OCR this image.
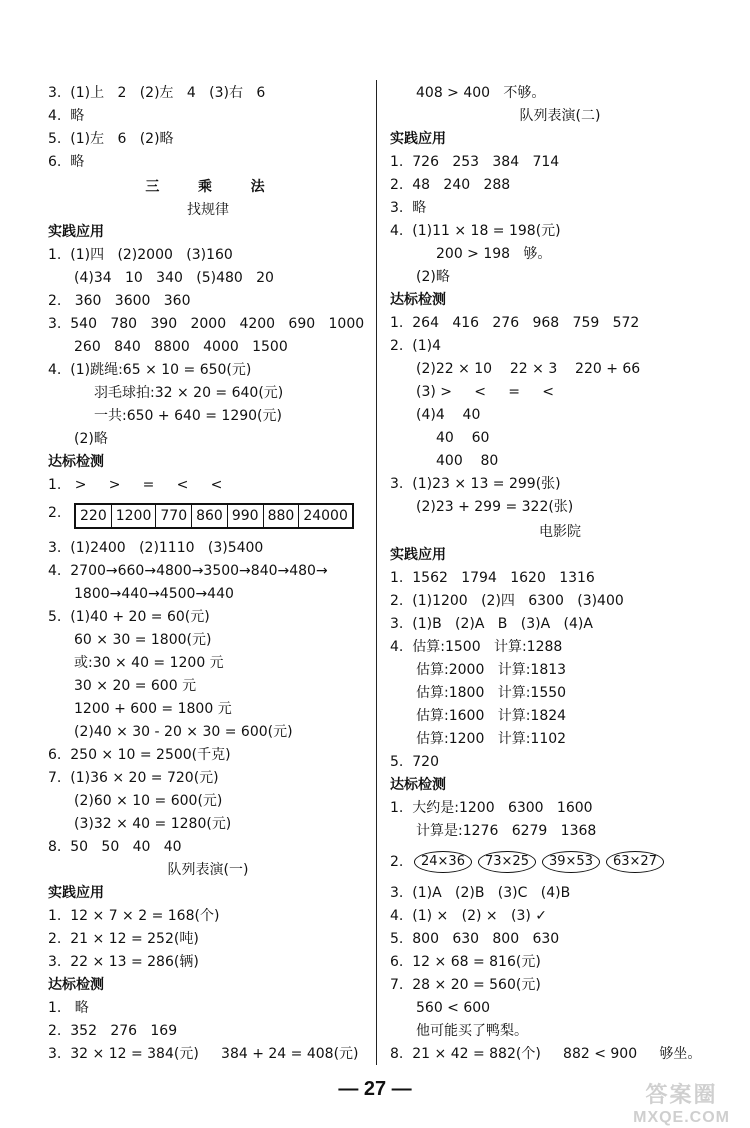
3.  (1)上   2   (2)左   4   (3)右   6
4.  略
5.  (1)左   6   (2)略
6.  略
三   乘   法
找规律
实践应用
1.  (1)四   (2)2000   (3)160
(4)34   10   340   (5)480   20
2.   360   3600   360
3.  540   780   390   2000   4200   690   1000
260   840   8800   4000   1500
4.  (1)跳绳:65 × 10 = 650(元)
羽毛球拍:32 × 20 = 640(元)
一共:650 + 640 = 1290(元)
(2)略
达标检测
1.   >     >     =     <     <
2. 220	1200	770	860	990	880	24000
3.  (1)2400   (2)1110   (3)5400
4.  2700→660→4800→3500→840→480→
1800→440→4500→440
5.  (1)40 + 20 = 60(元)
60 × 30 = 1800(元)
或:30 × 40 = 1200 元
30 × 20 = 600 元
1200 + 600 = 1800 元
(2)40 × 30 - 20 × 30 = 600(元)
6.  250 × 10 = 2500(千克)
7.  (1)36 × 20 = 720(元)
(2)60 × 10 = 600(元)
(3)32 × 40 = 1280(元)
8.  50   50   40   40
队列表演(一)
实践应用
1.  12 × 7 × 2 = 168(个)
2.  21 × 12 = 252(吨)
3.  22 × 13 = 286(辆)
达标检测
1.   略
2.  352   276   169
3.  32 × 12 = 384(元)     384 + 24 = 408(元)
408 > 400   不够。
队列表演(二)
实践应用
1.  726   253   384   714
2.  48   240   288
3.  略
4.  (1)11 × 18 = 198(元)
200 > 198   够。
(2)略
达标检测
1.  264   416   276   968   759   572
2.  (1)4
(2)22 × 10    22 × 3    220 + 66
(3) >     <     =     <
(4)4    40
40    60
400    80
3.  (1)23 × 13 = 299(张)
(2)23 + 299 = 322(张)
电影院
实践应用
1.  1562   1794   1620   1316
2.  (1)1200   (2)四   6300   (3)400
3.  (1)B   (2)A   B   (3)A   (4)A
4.  估算:1500   计算:1288
估算:2000   计算:1813
估算:1800   计算:1550
估算:1600   计算:1824
估算:1200   计算:1102
5.  720
达标检测
1.  大约是:1200   6300   1600
计算是:1276   6279   1368
2.	24×36	73×25	39×53	63×27
3.  (1)A   (2)B   (3)C   (4)B
4.  (1) ×   (2) ×   (3) ✓
5.  800   630   800   630
6.  12 × 68 = 816(元)
7.  28 × 20 = 560(元)
560 < 600
他可能买了鸭梨。
8.  21 × 42 = 882(个)     882 < 900     够坐。
— 27 —	答案圈
MXQE.COM
